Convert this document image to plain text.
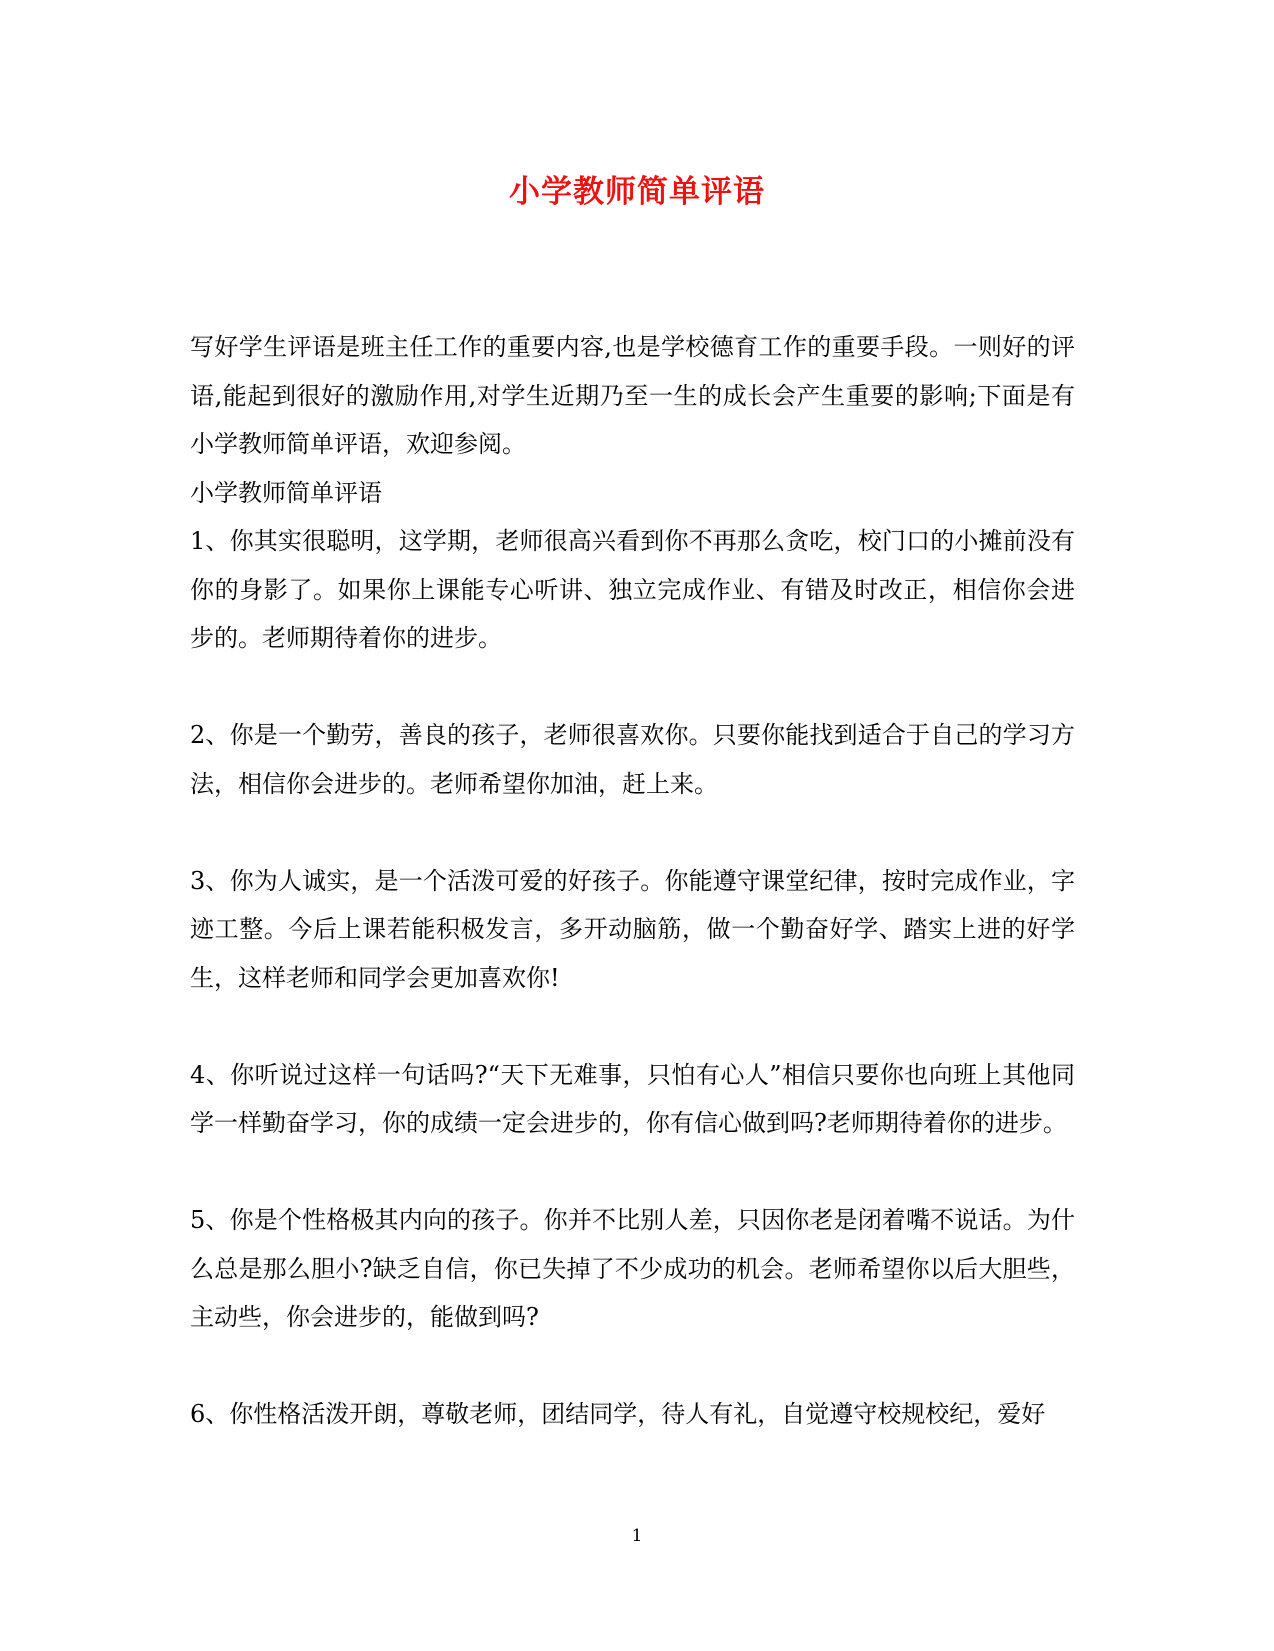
小学教师简单评语

写好学生评语是班主任工作的重要内容,也是学校德育工作的重要手段。一则好的评语,能起到很好的激励作用,对学生近期乃至一生的成长会产生重要的影响;下面是有小学教师简单评语，欢迎参阅。

小学教师简单评语

1、你其实很聪明，这学期，老师很高兴看到你不再那么贪吃，校门口的小摊前没有你的身影了。如果你上课能专心听讲、独立完成作业、有错及时改正，相信你会进步的。老师期待着你的进步。

2、你是一个勤劳，善良的孩子，老师很喜欢你。只要你能找到适合于自己的学习方法，相信你会进步的。老师希望你加油，赶上来。

3、你为人诚实，是一个活泼可爱的好孩子。你能遵守课堂纪律，按时完成作业，字迹工整。今后上课若能积极发言，多开动脑筋，做一个勤奋好学、踏实上进的好学生，这样老师和同学会更加喜欢你!

4、你听说过这样一句话吗?“天下无难事，只怕有心人”相信只要你也向班上其他同学一样勤奋学习，你的成绩一定会进步的，你有信心做到吗?老师期待着你的进步。

5、你是个性格极其内向的孩子。你并不比别人差，只因你老是闭着嘴不说话。为什么总是那么胆小?缺乏自信，你已失掉了不少成功的机会。老师希望你以后大胆些，主动些，你会进步的，能做到吗?

6、你性格活泼开朗，尊敬老师，团结同学，待人有礼，自觉遵守校规校纪，爱好

1
